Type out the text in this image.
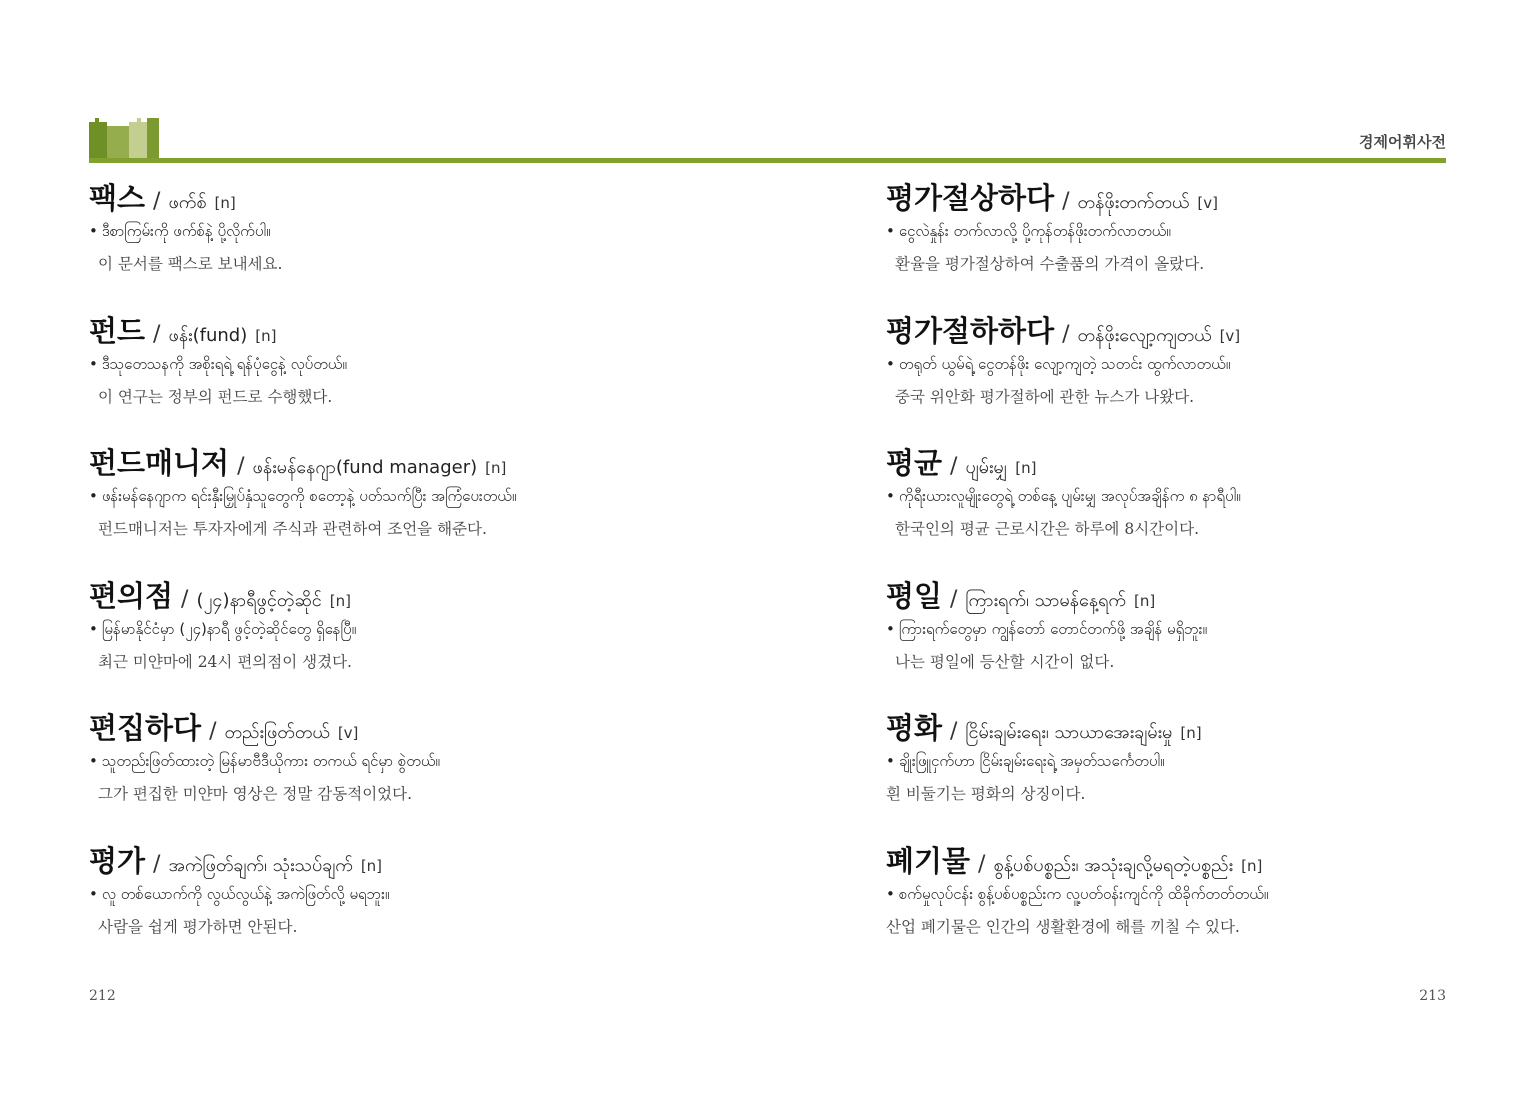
경제어휘사전
팩스 / ဖက်စ် [n]
• ဒီစာကြမ်းကို ဖက်စ်နဲ့ ပို့လိုက်ပါ။
이 문서를 팩스로 보내세요.
펀드 / ဖန်း(fund) [n]
• ဒီသုတေသနကို အစိုးရရဲ့ ရန်ပုံငွေနဲ့ လုပ်တယ်။
이 연구는 정부의 펀드로 수행했다.
펀드매니저 / ဖန်းမန်နေဂျာ(fund manager) [n]
• ဖန်းမန်နေဂျာက ရင်းနှီးမြှုပ်နှံသူတွေကို စတော့နဲ့ ပတ်သက်ပြီး အကြံပေးတယ်။
펀드매니저는 투자자에게 주식과 관련하여 조언을 해준다.
편의점 / (၂၄)နာရီဖွင့်တဲ့ဆိုင် [n]
• မြန်မာနိုင်ငံမှာ (၂၄)နာရီ ဖွင့်တဲ့ဆိုင်တွေ ရှိနေပြီ။
최근 미얀마에 24시 편의점이 생겼다.
편집하다 / တည်းဖြတ်တယ် [v]
• သူတည်းဖြတ်ထားတဲ့ မြန်မာဗီဒီယိုကား တကယ် ရင်မှာ စွဲတယ်။
그가 편집한 미얀마 영상은 정말 감동적이었다.
평가 / အကဲဖြတ်ချက်၊ သုံးသပ်ချက် [n]
• လူ တစ်ယောက်ကို လွယ်လွယ်နဲ့ အကဲဖြတ်လို့ မရဘူး။
사람을 쉽게 평가하면 안된다.
평가절상하다 / တန်ဖိုးတက်တယ် [v]
• ငွေလဲနှုန်း တက်လာလို့ ပို့ကုန်တန်ဖိုးတက်လာတယ်။
환율을 평가절상하여 수출품의 가격이 올랐다.
평가절하하다 / တန်ဖိုးလျော့ကျတယ် [v]
• တရုတ် ယွမ်ရဲ့ ငွေတန်ဖိုး လျော့ကျတဲ့ သတင်း ထွက်လာတယ်။
중국 위안화 평가절하에 관한 뉴스가 나왔다.
평균 / ပျမ်းမျှ [n]
• ကိုရီးယားလူမျိုးတွေရဲ့ တစ်နေ့ ပျမ်းမျှ အလုပ်အချိန်က ၈ နာရီပါ။
한국인의 평균 근로시간은 하루에 8시간이다.
평일 / ကြားရက်၊ သာမန်နေ့ရက် [n]
• ကြားရက်တွေမှာ ကျွန်တော် တောင်တက်ဖို့ အချိန် မရှိဘူး။
나는 평일에 등산할 시간이 없다.
평화 / ငြိမ်းချမ်းရေး၊ သာယာအေးချမ်းမှု [n]
• ချိုးဖြူငှက်ဟာ ငြိမ်းချမ်းရေးရဲ့ အမှတ်သင်္ကေတပါ။
흰 비둘기는 평화의 상징이다.
폐기물 / စွန့်ပစ်ပစ္စည်း၊ အသုံးချလို့မရတဲ့ပစ္စည်း [n]
• စက်မှုလုပ်ငန်း စွန့်ပစ်ပစ္စည်းက လူ့ပတ်ဝန်းကျင်ကို ထိခိုက်တတ်တယ်။
산업 폐기물은 인간의 생활환경에 해를 끼칠 수 있다.
212	213
